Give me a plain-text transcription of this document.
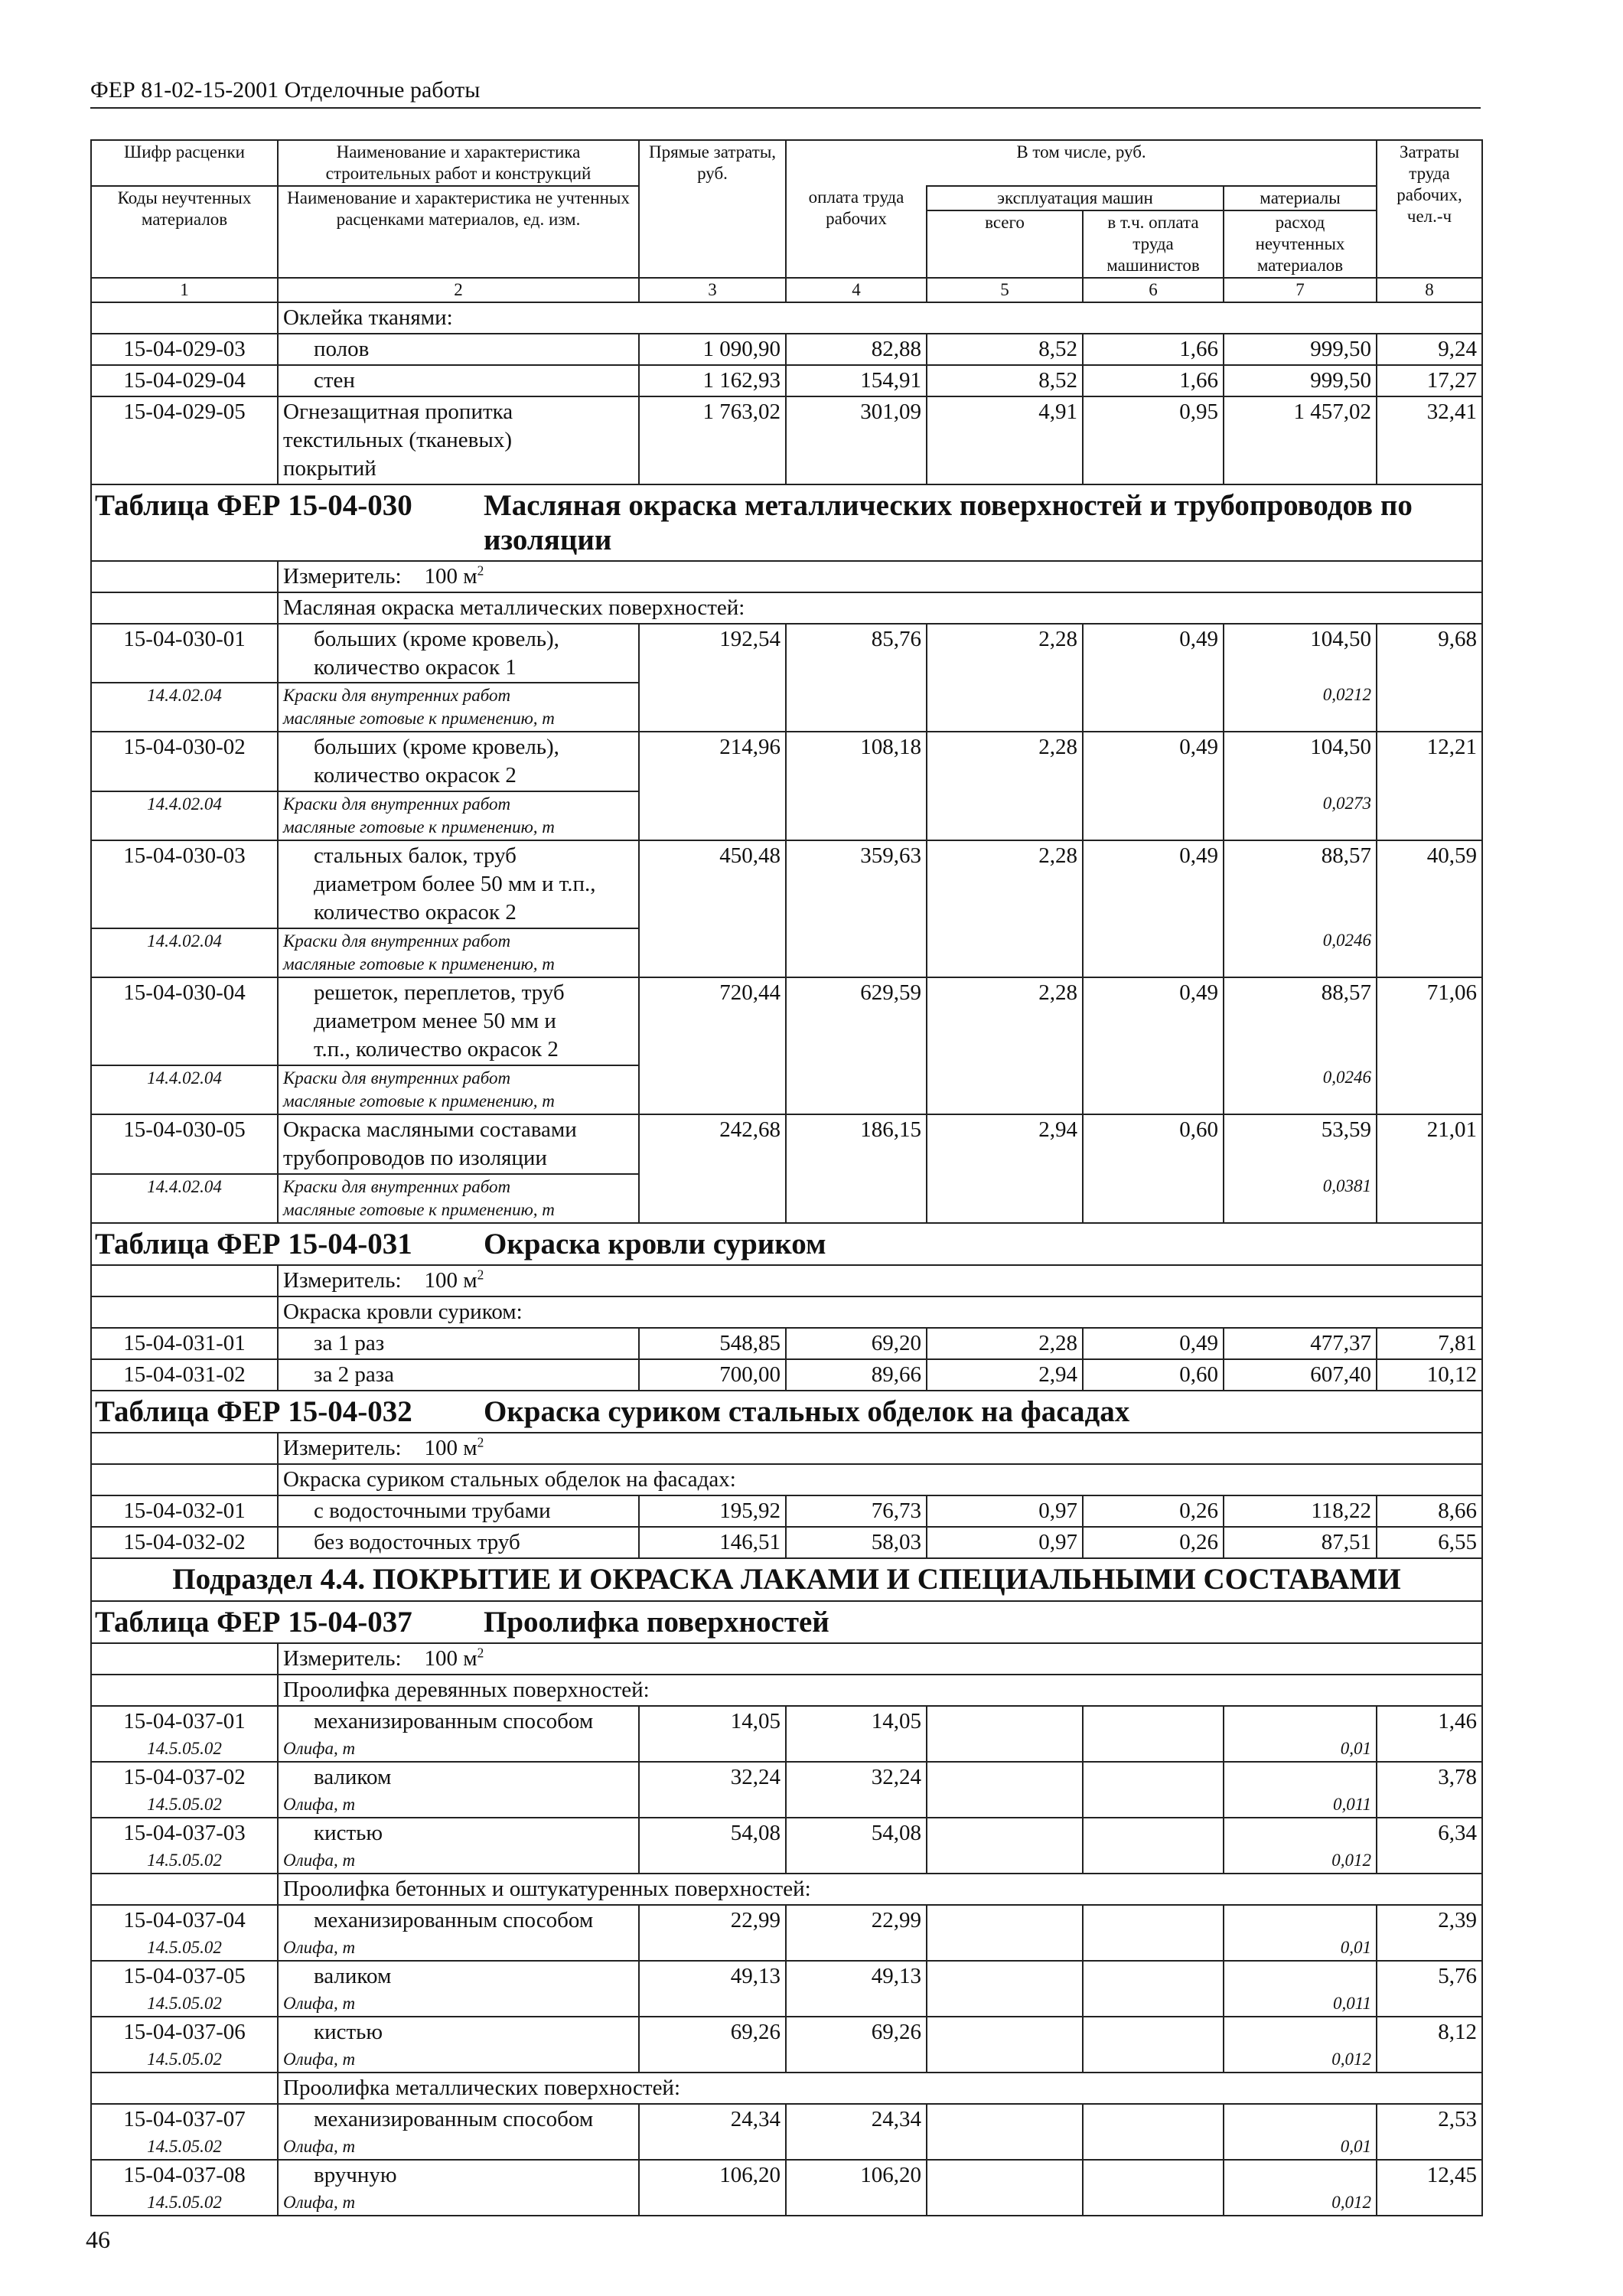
ФЕР 81-02-15-2001 Отделочные работы
Шифр расценки	Наименование и характеристика строительных работ и конструкций	Прямые затраты, руб.	В том числе, руб.				Затраты труда рабочих, чел.-ч
Коды неучтенных материалов	Наименование и характеристика не учтенных расценками материалов, ед. изм.		оплата труда рабочих	эксплуатация машин		материалы	
				всего	в т.ч. оплата труда машинистов	расход неучтенных материалов	
1	2	3	4	5	6	7	8
	Оклейка тканями:						
15-04-029-03	полов	1 090,90	82,88	8,52	1,66	999,50	9,24
15-04-029-04	стен	1 162,93	154,91	8,52	1,66	999,50	17,27
15-04-029-05	Огнезащитная пропитка
текстильных (тканевых)
покрытий	1 763,02	301,09	4,91	0,95	1 457,02	32,41
Таблица ФЕР 15-04-030 Масляная окраска металлических поверхностей и трубопроводов по изоляции							
	Измеритель: 100 $м^2$
	Масляная окраска металлических поверхностей:						
15-04-030-01	больших (кроме кровель),
количество окрасок 1	192,54	85,76	2,28	0,49	104,50	9,68
14.4.02.04	Краски для внутренних работ
масляные готовые к применению, т					0,0212	
15-04-030-02	больших (кроме кровель),
количество окрасок 2	214,96	108,18	2,28	0,49	104,50	12,21
14.4.02.04	Краски для внутренних работ
масляные готовые к применению, т					0,0273	
15-04-030-03	стальных балок, труб
диаметром более 50 мм и т.п.,
количество окрасок 2	450,48	359,63	2,28	0,49	88,57	40,59
14.4.02.04	Краски для внутренних работ
масляные готовые к применению, т					0,0246	
15-04-030-04	решеток, переплетов, труб
диаметром менее 50 мм и
т.п., количество окрасок 2	720,44	629,59	2,28	0,49	88,57	71,06
14.4.02.04	Краски для внутренних работ
масляные готовые к применению, т					0,0246	
15-04-030-05	Окраска масляными составами
трубопроводов по изоляции	242,68	186,15	2,94	0,60	53,59	21,01
14.4.02.04	Краски для внутренних работ
масляные готовые к применению, т					0,0381	
Таблица ФЕР 15-04-031 Окраска кровли суриком							
	Измеритель: 100 $м^2$
	Окраска кровли суриком:						
15-04-031-01	за 1 раз	548,85	69,20	2,28	0,49	477,37	7,81
15-04-031-02	за 2 раза	700,00	89,66	2,94	0,60	607,40	10,12
Таблица ФЕР 15-04-032 Окраска суриком стальных обделок на фасадах							
	Измеритель: 100 $м^2$
	Окраска суриком стальных обделок на фасадах:						
15-04-032-01	с водосточными трубами	195,92	76,73	0,97	0,26	118,22	8,66
15-04-032-02	без водосточных труб	146,51	58,03	0,97	0,26	87,51	6,55
Подраздел 4.4. ПОКРЫТИЕ И ОКРАСКА ЛАКАМИ И СПЕЦИАЛЬНЫМИ СОСТАВАМИ							
Таблица ФЕР 15-04-037 Проолифка поверхностей							
	Измеритель: 100 $м^2$
	Проолифка деревянных поверхностей:						
15-04-037-01	механизированным способом	14,05	14,05				1,46
14.5.05.02	Олифа, т					0,01	
15-04-037-02	валиком	32,24	32,24				3,78
14.5.05.02	Олифа, т					0,011	
15-04-037-03	кистью	54,08	54,08				6,34
14.5.05.02	Олифа, т					0,012	
	Проолифка бетонных и оштукатуренных поверхностей:						
15-04-037-04	механизированным способом	22,99	22,99				2,39
14.5.05.02	Олифа, т					0,01	
15-04-037-05	валиком	49,13	49,13				5,76
14.5.05.02	Олифа, т					0,011	
15-04-037-06	кистью	69,26	69,26				8,12
14.5.05.02	Олифа, т					0,012	
	Проолифка металлических поверхностей:						
15-04-037-07	механизированным способом	24,34	24,34				2,53
14.5.05.02	Олифа, т					0,01	
15-04-037-08	вручную	106,20	106,20				12,45
14.5.05.02	Олифа, т					0,012	
46
